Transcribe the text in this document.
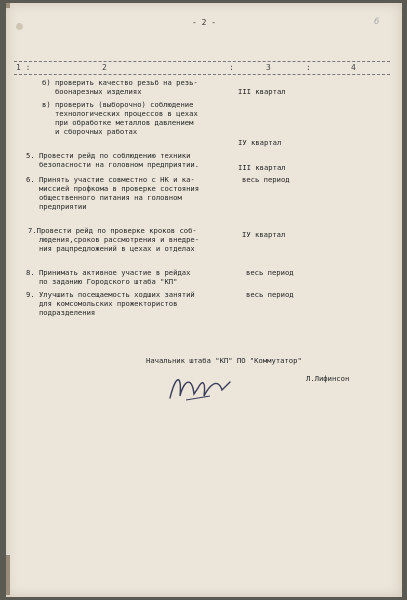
- 2 -	6
1 :	2	:	3	:	4
б) проверить качество резьб на резь-
боонарезных изделиях	III квартал
в) проверить (выборочно) соблюдение
технологических процессов в цехах
при обработке металлов давлением
и сборочных работах
IУ квартал
5. Провести рейд по соблюдению техники
безопасности на головном предприятии.	III квартал
6. Принять участие совместно с НК и ка-	весь период
миссией профкома в проверке состояния
общественного питания на головном
предприятии
7.Провести рейд по проверке кроков соб-	IУ квартал
людения,сроков рассмотрения и внедре-
ния рацпредложений в цехах и отделах
8. Принимать активное участие в рейдах	весь период
по заданию Городского штаба "КП"
9. Улучшить посещаемость ходших занятий	весь период
для комсомольских прожектористов
подразделения
Начальник штаба "КП" ПО "Коммутатор"
Л.Лифинсон
